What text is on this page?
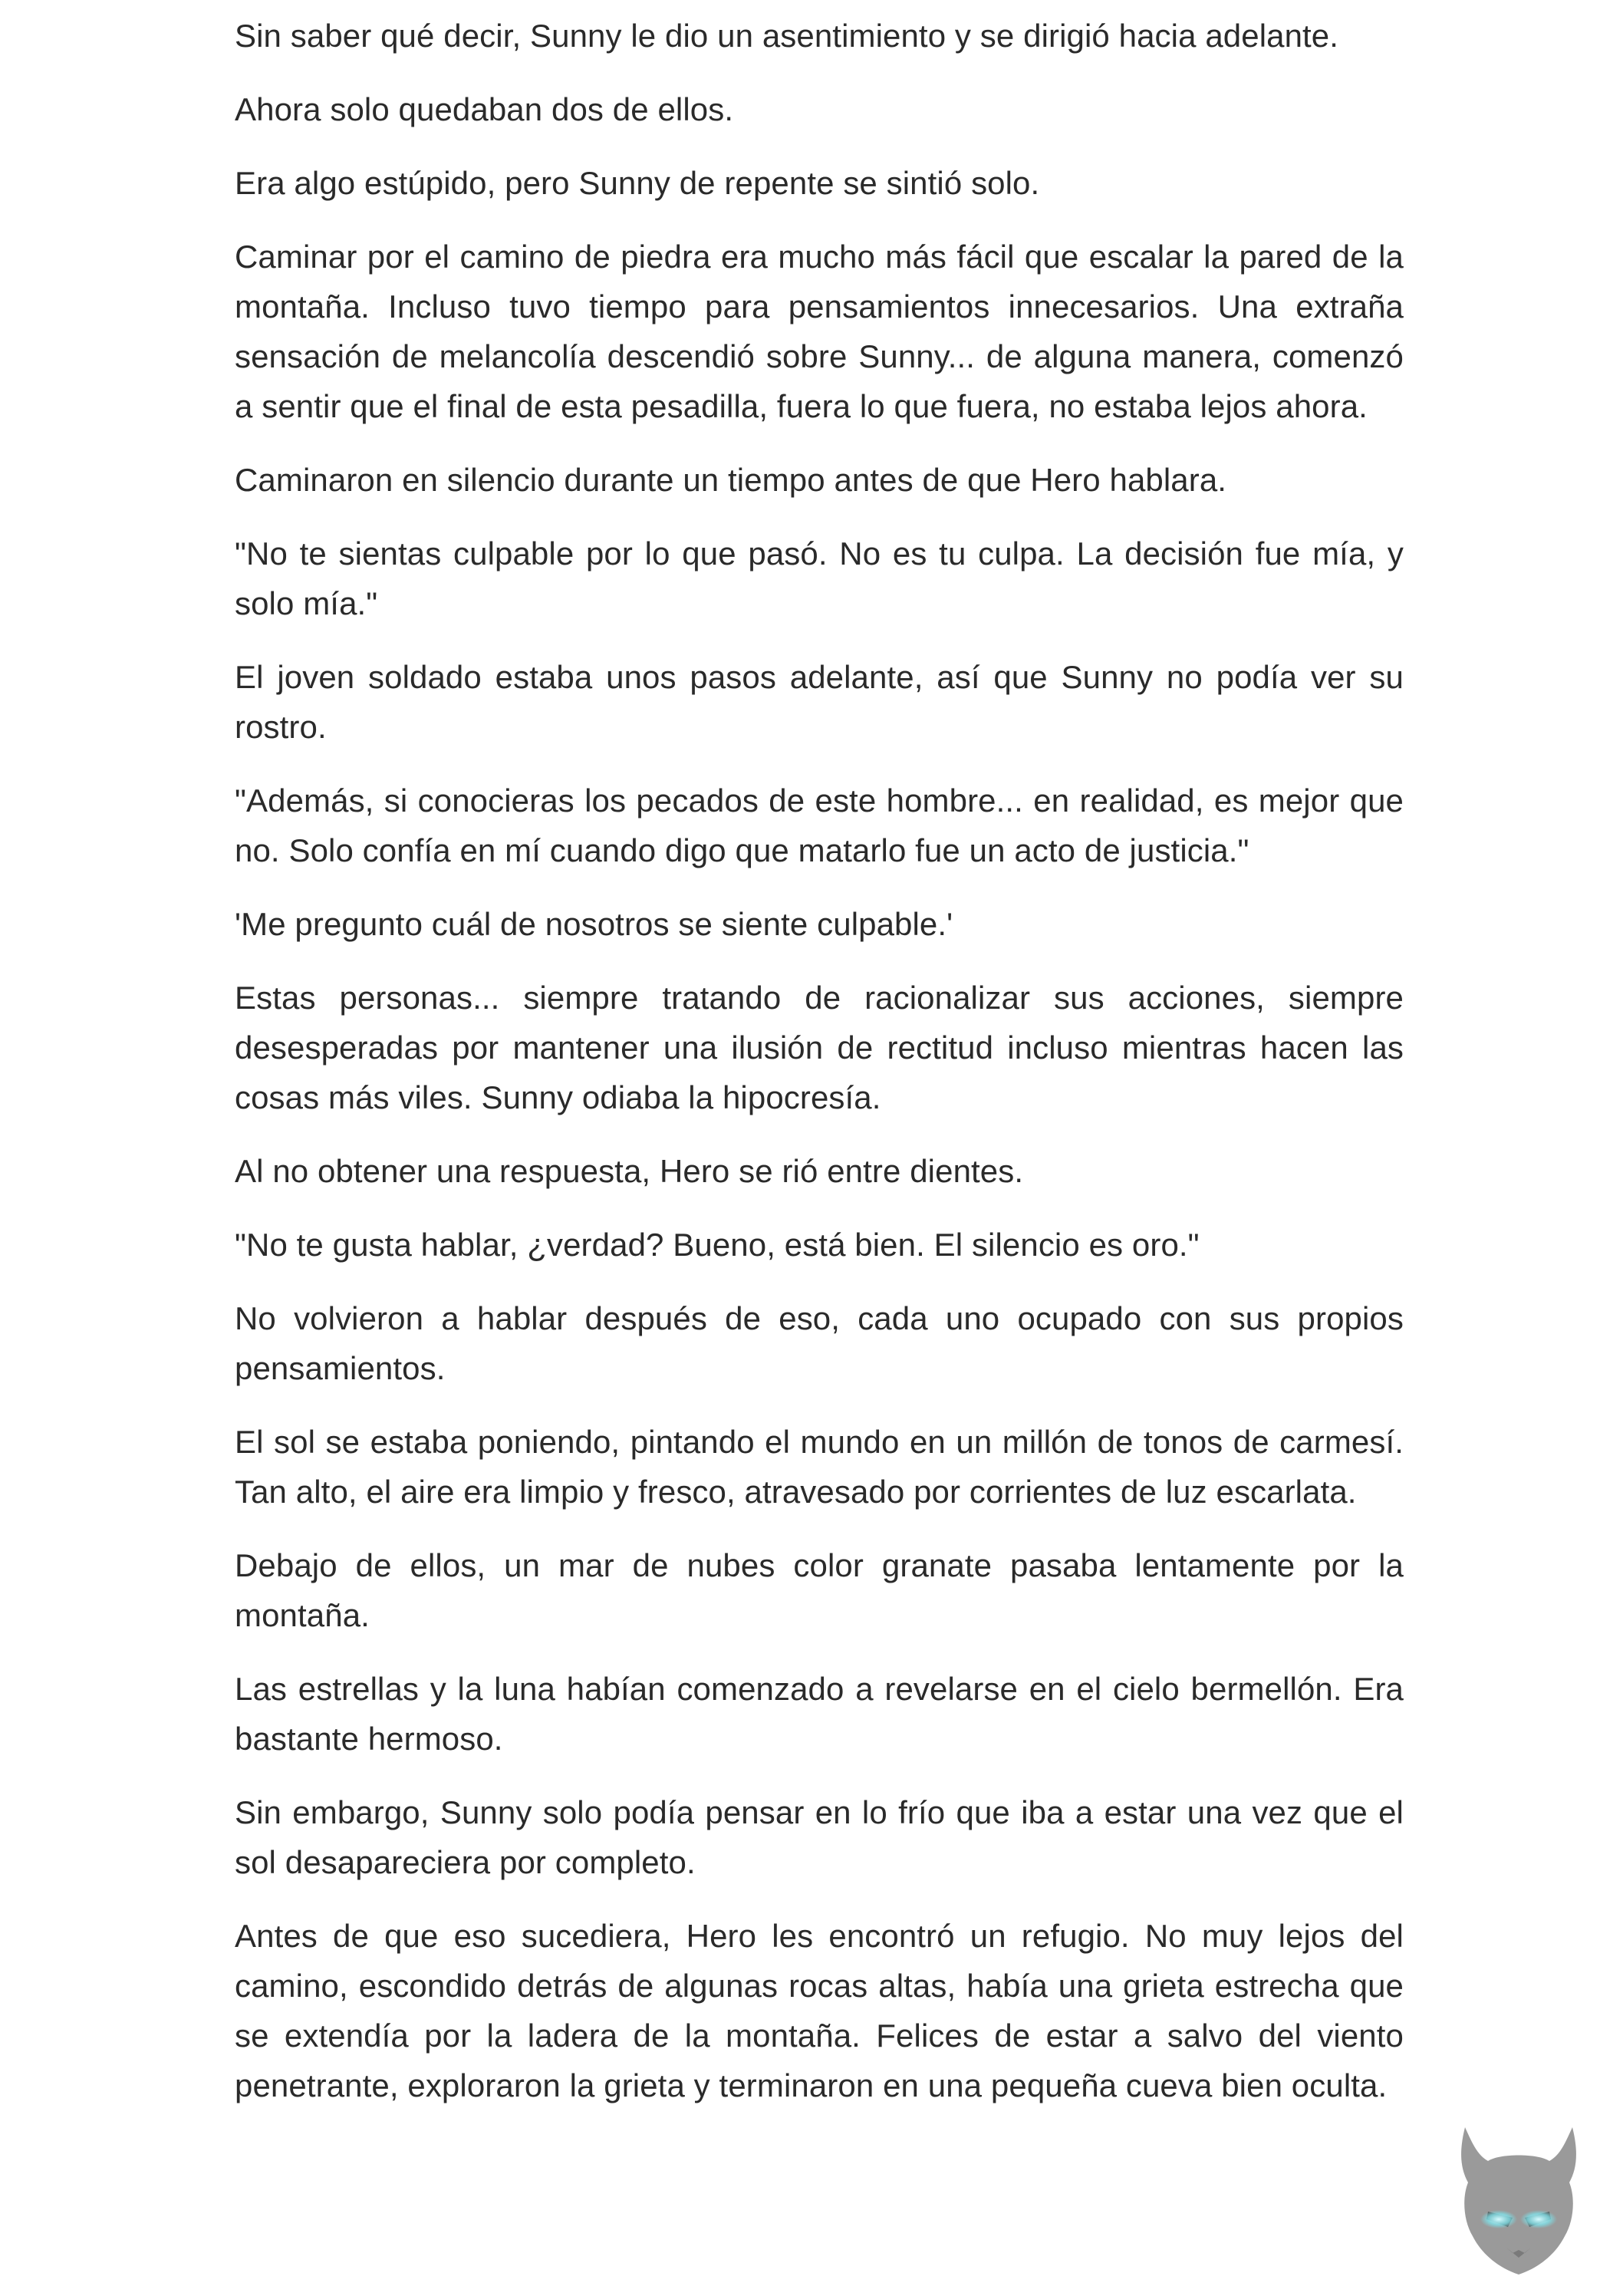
Sin saber qué decir, Sunny le dio un asentimiento y se dirigió hacia adelante.

Ahora solo quedaban dos de ellos.

Era algo estúpido, pero Sunny de repente se sintió solo.

Caminar por el camino de piedra era mucho más fácil que escalar la pared de la montaña. Incluso tuvo tiempo para pensamientos innecesarios. Una extraña sensación de melancolía descendió sobre Sunny... de alguna manera, comenzó a sentir que el final de esta pesadilla, fuera lo que fuera, no estaba lejos ahora.

Caminaron en silencio durante un tiempo antes de que Hero hablara.

"No te sientas culpable por lo que pasó. No es tu culpa. La decisión fue mía, y solo mía."

El joven soldado estaba unos pasos adelante, así que Sunny no podía ver su rostro.

"Además, si conocieras los pecados de este hombre... en realidad, es mejor que no. Solo confía en mí cuando digo que matarlo fue un acto de justicia."

'Me pregunto cuál de nosotros se siente culpable.'

Estas personas... siempre tratando de racionalizar sus acciones, siempre desesperadas por mantener una ilusión de rectitud incluso mientras hacen las cosas más viles. Sunny odiaba la hipocresía.

Al no obtener una respuesta, Hero se rió entre dientes.

"No te gusta hablar, ¿verdad? Bueno, está bien. El silencio es oro."

No volvieron a hablar después de eso, cada uno ocupado con sus propios pensamientos.

El sol se estaba poniendo, pintando el mundo en un millón de tonos de carmesí. Tan alto, el aire era limpio y fresco, atravesado por corrientes de luz escarlata.

Debajo de ellos, un mar de nubes color granate pasaba lentamente por la montaña.

Las estrellas y la luna habían comenzado a revelarse en el cielo bermellón. Era bastante hermoso.

Sin embargo, Sunny solo podía pensar en lo frío que iba a estar una vez que el sol desapareciera por completo.

Antes de que eso sucediera, Hero les encontró un refugio. No muy lejos del camino, escondido detrás de algunas rocas altas, había una grieta estrecha que se extendía por la ladera de la montaña. Felices de estar a salvo del viento penetrante, exploraron la grieta y terminaron en una pequeña cueva bien oculta.
